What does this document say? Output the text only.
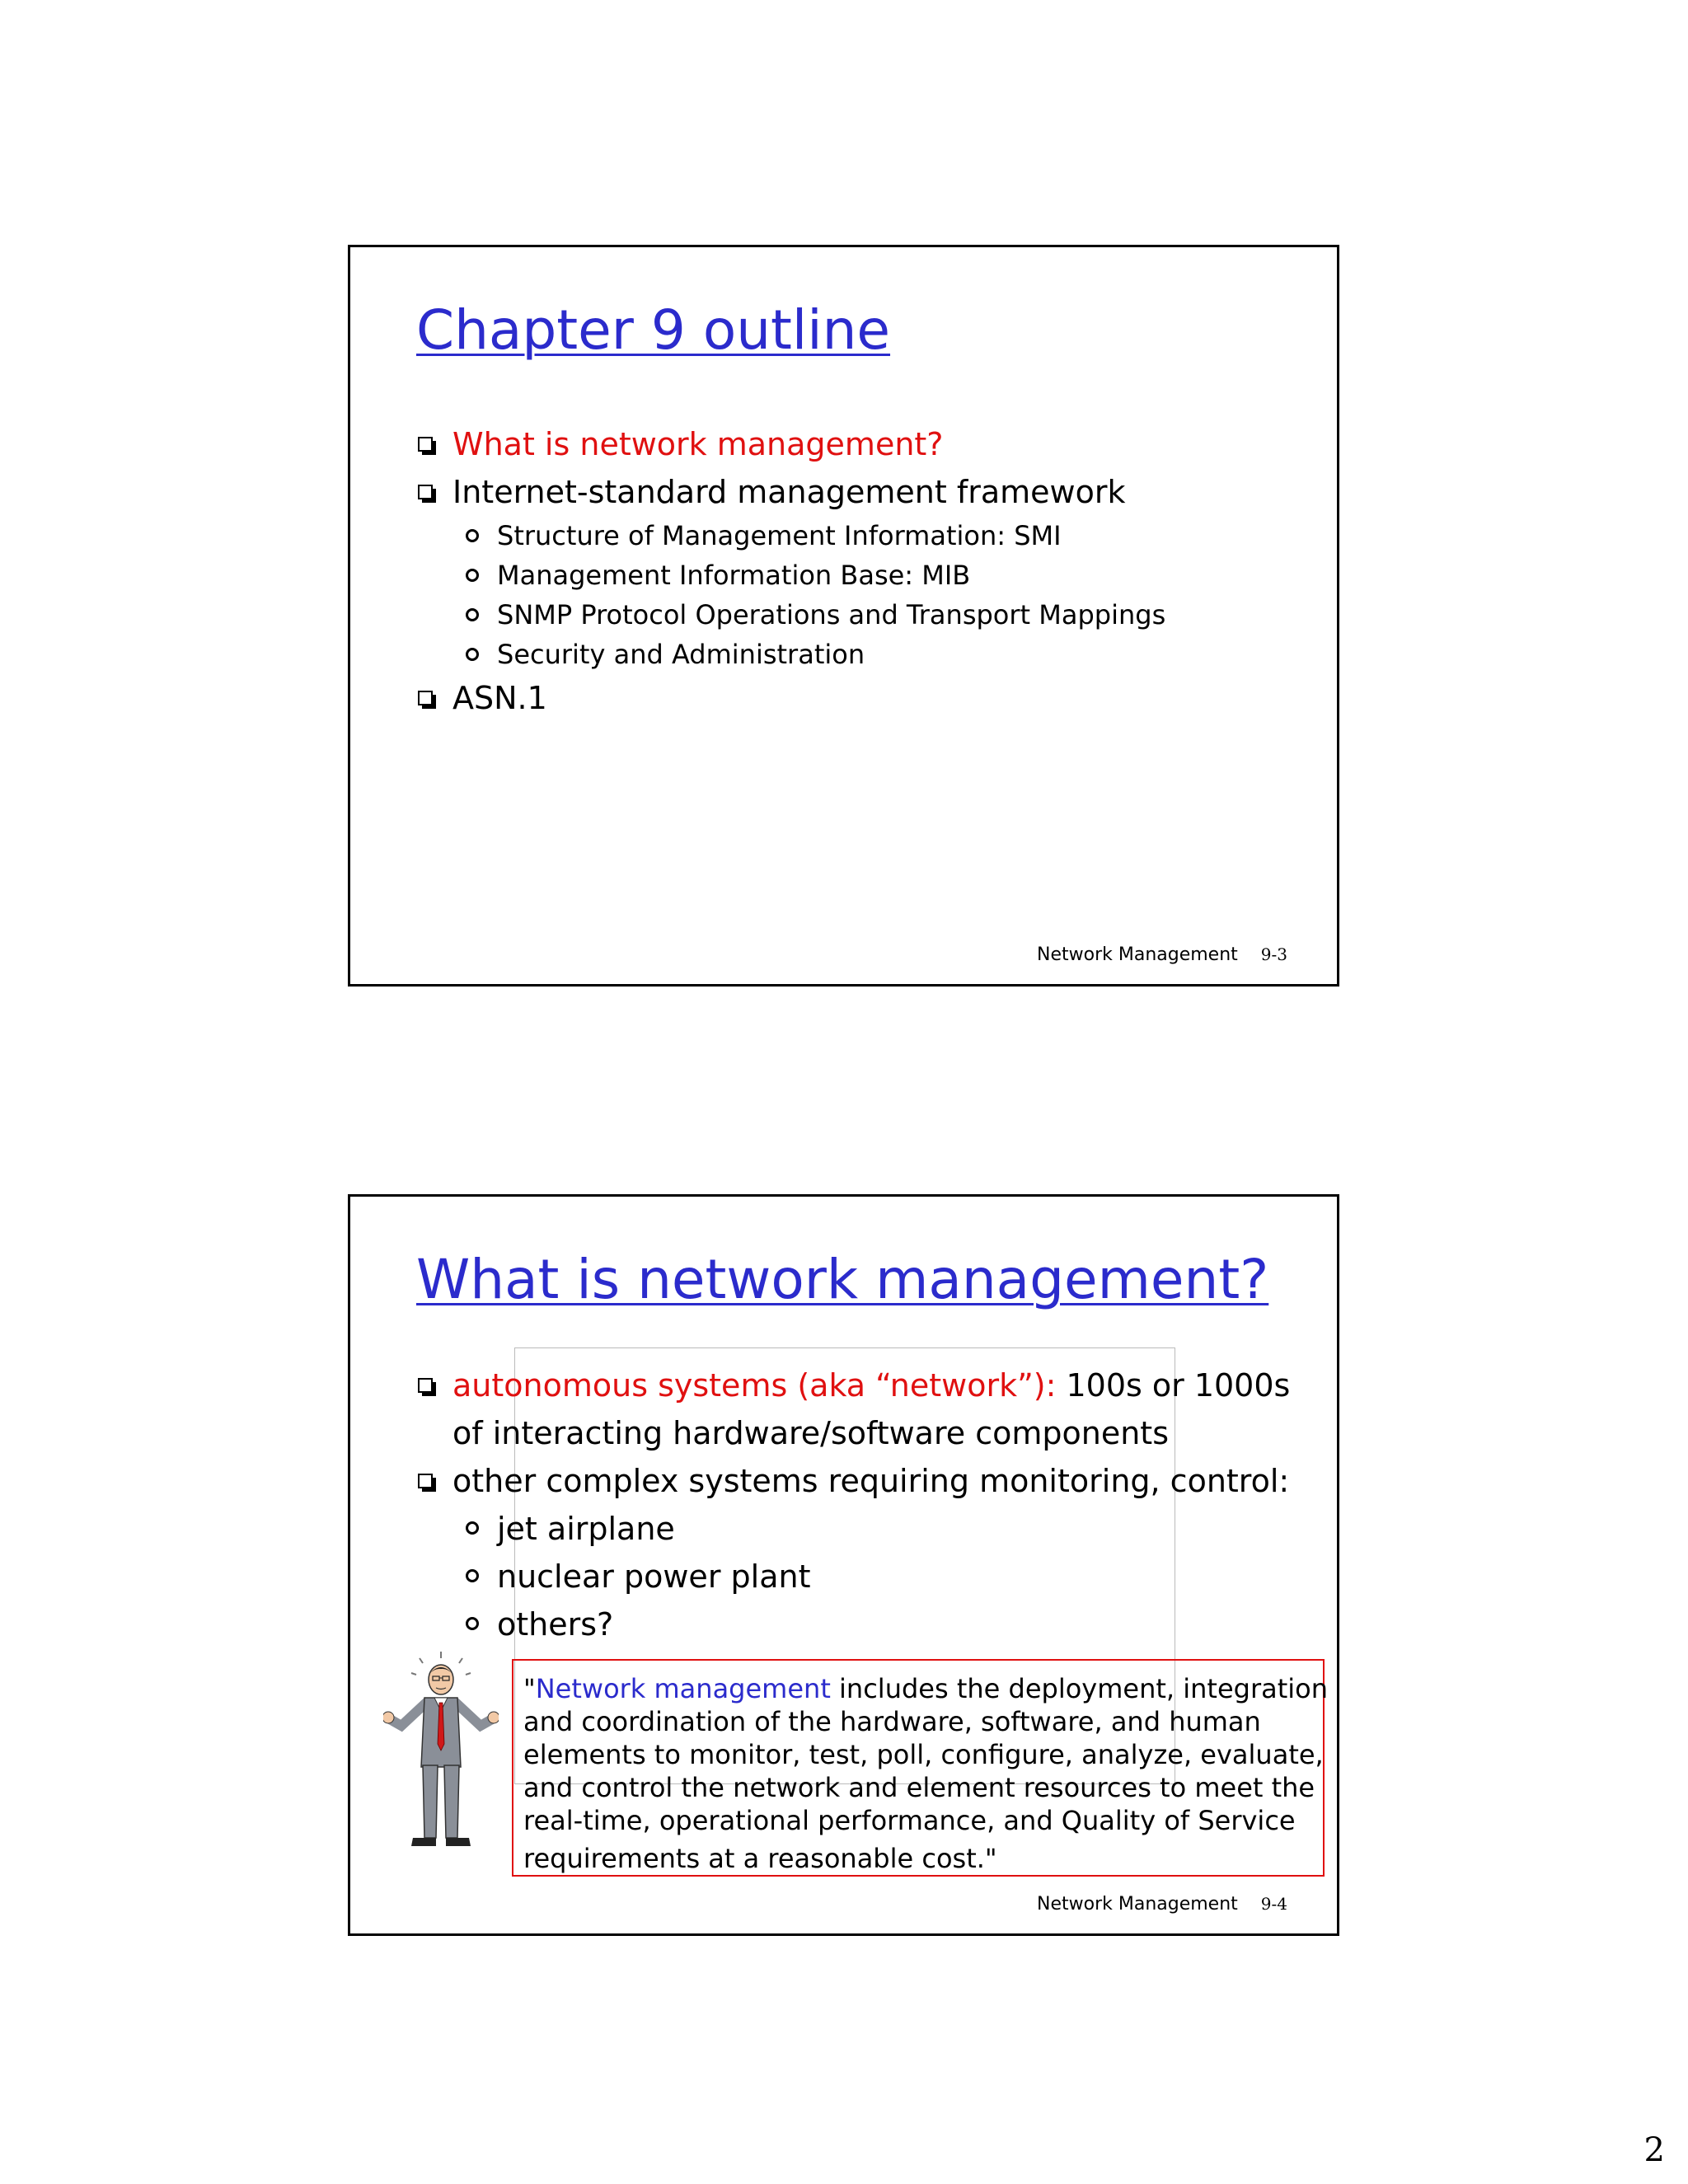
Chapter 9 outline
What is network management?
Internet-standard management framework
Structure of Management Information: SMI
Management Information Base: MIB
SNMP Protocol Operations and Transport Mappings
Security and Administration
ASN.1
Network Management 9-3
What is network management?
autonomous systems (aka “network”): 100s or 1000s
of interacting hardware/software components
other complex systems requiring monitoring, control:
jet airplane
nuclear power plant
others?
"Network management includes the deployment, integration
and coordination of the hardware, software, and human
elements to monitor, test, poll, configure, analyze, evaluate,
and control the network and element resources to meet the
real-time, operational performance, and Quality of Service
requirements at a reasonable cost."
Network Management 9-4
2
